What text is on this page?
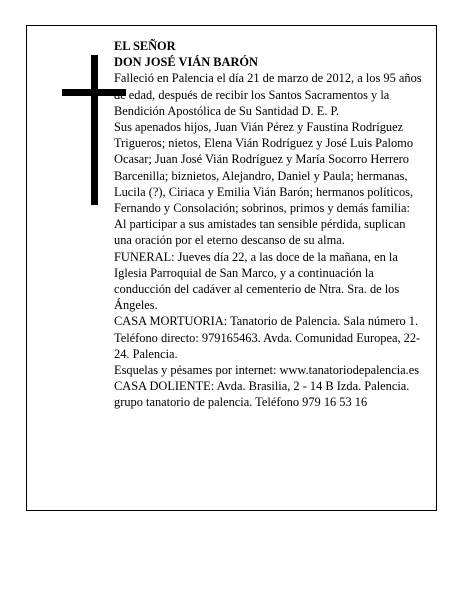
EL SEÑOR

DON JOSÉ VIÁN BARÓN

Falleció en Palencia el día 21 de marzo de 2012, a los 95 años de edad, después de recibir los Santos Sacramentos y la Bendición Apostólica de Su Santidad D. E. P.

Sus apenados hijos, Juan Vián Pérez y Faustina Rodríguez Trigueros; nietos, Elena Vián Rodríguez y José Luis Palomo Ocasar; Juan José Vián Rodríguez y María Socorro Herrero Barcenilla; biznietos, Alejandro, Daniel y Paula; hermanas, Lucila (?), Ciriaca y Emilia Vián Barón; hermanos políticos, Fernando y Consolación; sobrinos, primos y demás familia:

Al participar a sus amistades tan sensible pérdida, suplican una oración por el eterno descanso de su alma.

FUNERAL: Jueves día 22, a las doce de la mañana, en la Iglesia Parroquial de San Marco, y a continuación la conducción del cadáver al cementerio de Ntra. Sra. de los Ángeles.

CASA MORTUORIA: Tanatorio de Palencia. Sala número 1. Teléfono directo: 979165463. Avda. Comunidad Europea, 22-24. Palencia.

Esquelas y pésames por internet: www.tanatoriodepalencia.es

CASA DOLIENTE: Avda. Brasilia, 2 - 14 B Izda. Palencia.

grupo tanatorio de palencia. Teléfono 979 16 53 16
